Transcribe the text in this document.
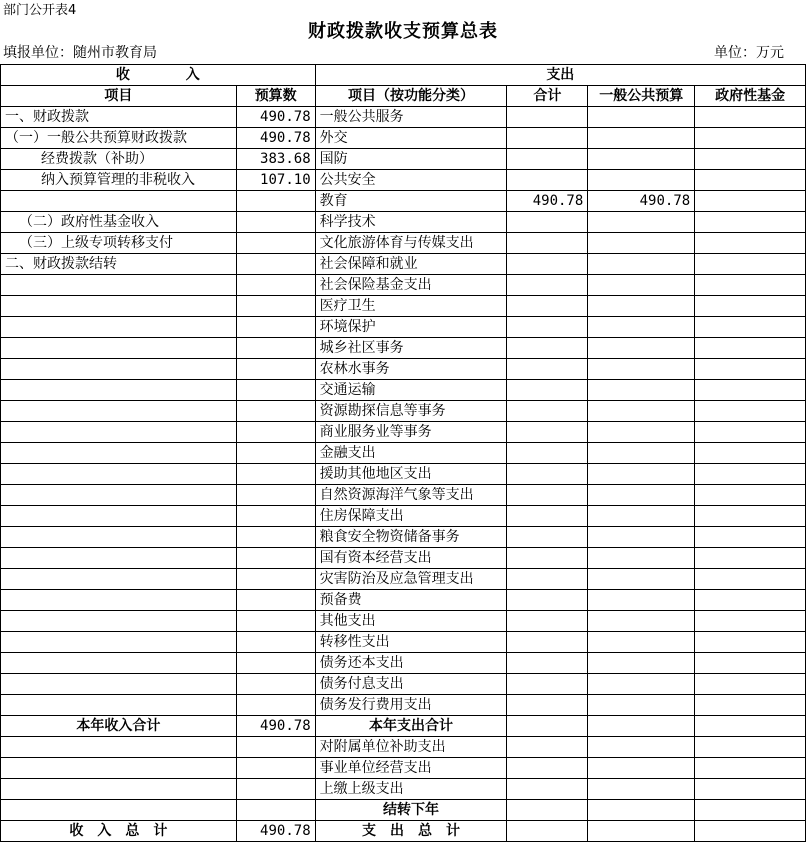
部门公开表4
财政拨款收支预算总表
填报单位：随州市教育局	单位：万元
收　　　　入		支出			
项目	预算数	项目（按功能分类）	合计	一般公共预算	政府性基金
一、财政拨款	490.78	一般公共服务			
（一）一般公共预算财政拨款	490.78	外交			
经费拨款（补助）	383.68	国防			
纳入预算管理的非税收入	107.10	公共安全			
		教育	490.78	490.78	
（二）政府性基金收入		科学技术			
（三）上级专项转移支付		文化旅游体育与传媒支出			
二、财政拨款结转		社会保障和就业			
		社会保险基金支出			
		医疗卫生			
		环境保护			
		城乡社区事务			
		农林水事务			
		交通运输			
		资源勘探信息等事务			
		商业服务业等事务			
		金融支出			
		援助其他地区支出			
		自然资源海洋气象等支出			
		住房保障支出			
		粮食安全物资储备事务			
		国有资本经营支出			
		灾害防治及应急管理支出			
		预备费			
		其他支出			
		转移性支出			
		债务还本支出			
		债务付息支出			
		债务发行费用支出			
本年收入合计	490.78	本年支出合计			
		对附属单位补助支出			
		事业单位经营支出			
		上缴上级支出			
		结转下年			
收　入　总　计	490.78	支　出　总　计			
